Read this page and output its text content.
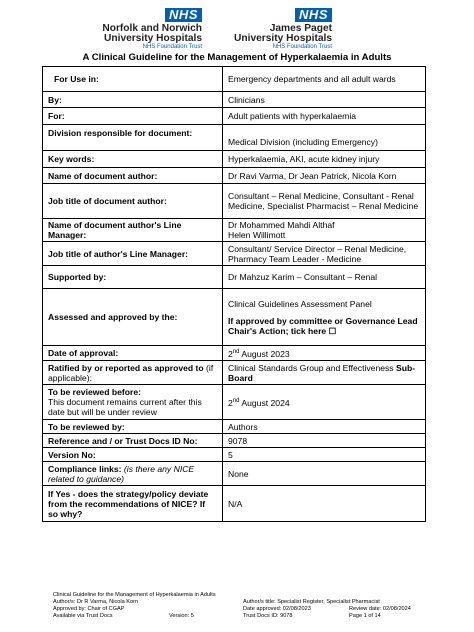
NHS
Norfolk and Norwich
University Hospitals
NHS Foundation Trust
NHS
James Paget
University Hospitals
NHS Foundation Trust
A Clinical Guideline for the Management of Hyperkalaemia in Adults
For Use in:	Emergency departments and all adult wards
By:	Clinicians
For:	Adult patients with hyperkalaemia
Division responsible for document:	Medical Division (including Emergency)
Key words:	Hyperkalaemia, AKI, acute kidney injury
Name of document author:	Dr Ravi Varma, Dr Jean Patrick, Nicola Korn
Job title of document author:	Consultant – Renal Medicine, Consultant - Renal Medicine, Specialist Pharmacist – Renal Medicine
Name of document author's Line Manager:	Dr Mohammed Mahdi Althaf
Helen Willimott

Job title of author's Line Manager:	Consultant/ Service Director – Renal Medicine, Pharmacy Team Leader - Medicine
Supported by:	Dr Mahzuz Karim – Consultant – Renal
Assessed and approved by the:	Clinical Guidelines Assessment Panel
If approved by committee or Governance Lead Chair's Action; tick here ☐

Date of approval:	2nd August 2023
Ratified by or reported as approved to (if applicable):	Clinical Standards Group and Effectiveness Sub-Board

To be reviewed before:
This document remains current after this date but will be under review	2nd August 2024
To be reviewed by:	Authors
Reference and / or Trust Docs ID No:	9078
Version No:	5
Compliance links: (is there any NICE related to guidance)	None
If Yes - does the strategy/policy deviate from the recommendations of NICE? If so why?	N/A
Clinical Guideline for the Management of Hyperkalaemia in Adults
Author/s: Dr R Varma, Nicola Korn	Author/s title: Specialist Register, Specialist Pharmacist
Approved by: Chair of CGAP	Date approved: 02/08/2023	Review date: 02/08/2024
Available via Trust Docs	Version: 5	Trust Docs ID: 9078	Page 1 of 14
